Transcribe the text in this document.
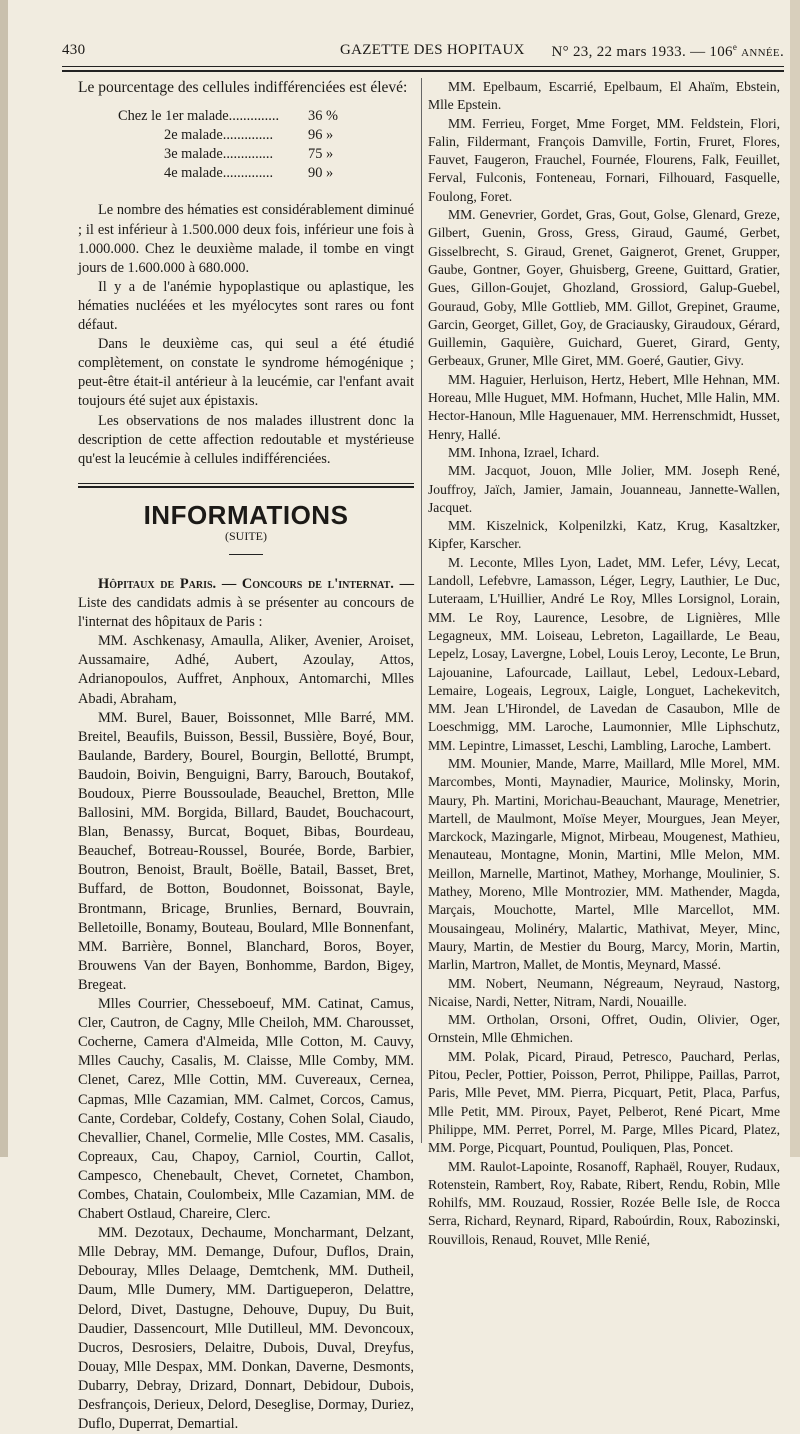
430	GAZETTE DES HOPITAUX N° 23, 22 mars 1933. — 106e année.

Le pourcentage des cellules indifférenciées est élevé:

Chez le 1er malade..............	36 %
2e malade..............	96 »
3e malade..............	75 »
4e malade..............	90 »

Le nombre des hématies est considérablement diminué ; il est inférieur à 1.500.000 deux fois, inférieur une fois à 1.000.000. Chez le deuxième malade, il tombe en vingt jours de 1.600.000 à 680.000.

Il y a de l'anémie hypoplastique ou aplastique, les hématies nucléées et les myélocytes sont rares ou font défaut.

Dans le deuxième cas, qui seul a été étudié complètement, on constate le syndrome hémogénique ; peut-être était-il antérieur à la leucémie, car l'enfant avait toujours été sujet aux épistaxis.

Les observations de nos malades illustrent donc la description de cette affection redoutable et mystérieuse qu'est la leucémie à cellules indifférenciées.

INFORMATIONS
(SUITE)

Hôpitaux de Paris. — Concours de l'internat. — Liste des candidats admis à se présenter au concours de l'internat des hôpitaux de Paris :

MM. Aschkenasy, Amaulla, Aliker, Avenier, Aroiset, Aussamaire, Adhé, Aubert, Azoulay, Attos, Adrianopoulos, Auffret, Anphoux, Antomarchi, Mlles Abadi, Abraham,

MM. Burel, Bauer, Boissonnet, Mlle Barré, MM. Breitel, Beaufils, Buisson, Bessil, Bussière, Boyé, Bour, Baulande, Bardery, Bourel, Bourgin, Bellotté, Brumpt, Baudoin, Boivin, Benguigni, Barry, Barouch, Boutakof, Boudoux, Pierre Boussoulade, Beauchel, Bretton, Mlle Ballosini, MM. Borgida, Billard, Baudet, Bouchacourt, Blan, Benassy, Burcat, Boquet, Bibas, Bourdeau, Beauchef, Botreau-Roussel, Bourée, Borde, Barbier, Boutron, Benoist, Brault, Boëlle, Batail, Basset, Bret, Buffard, de Botton, Boudonnet, Boissonat, Bayle, Brontmann, Bricage, Brunlies, Bernard, Bouvrain, Belletoille, Bonamy, Bouteau, Boulard, Mlle Bonnenfant, MM. Barrière, Bonnel, Blanchard, Boros, Boyer, Brouwens Van der Bayen, Bonhomme, Bardon, Bigey, Bregeat.

Mlles Courrier, Chesseboeuf, MM. Catinat, Camus, Cler, Cautron, de Cagny, Mlle Cheiloh, MM. Charousset, Cocherne, Camera d'Almeida, Mlle Cotton, M. Cauvy, Mlles Cauchy, Casalis, M. Claisse, Mlle Comby, MM. Clenet, Carez, Mlle Cottin, MM. Cuvereaux, Cernea, Capmas, Mlle Cazamian, MM. Calmet, Corcos, Camus, Cante, Cordebar, Coldefy, Costany, Cohen Solal, Ciaudo, Chevallier, Chanel, Cormelie, Mlle Costes, MM. Casalis, Copreaux, Cau, Chapoy, Carniol, Courtin, Callot, Campesco, Chenebault, Chevet, Cornetet, Chambon, Combes, Chatain, Coulombeix, Mlle Cazamian, MM. de Chabert Ostlaud, Chareire, Clerc.

MM. Dezotaux, Dechaume, Moncharmant, Delzant, Mlle Debray, MM. Demange, Dufour, Duflos, Drain, Debouray, Mlles Delaage, Demtchenk, MM. Dutheil, Daum, Mlle Dumery, MM. Dartigueperon, Delattre, Delord, Divet, Dastugne, Dehouve, Dupuy, Du Buit, Daudier, Dassencourt, Mlle Dutilleul, MM. Devoncoux, Ducros, Desrosiers, Delaitre, Dubois, Duval, Dreyfus, Douay, Mlle Despax, MM. Donkan, Daverne, Desmonts, Dubarry, Debray, Drizard, Donnart, Debidour, Dubois, Desfrançois, Derieux, Delord, Deseglise, Dormay, Duriez, Duflo, Duperrat, Demartial.

MM. Epelbaum, Escarrié, Epelbaum, El Ahaïm, Ebstein, Mlle Epstein.

MM. Ferrieu, Forget, Mme Forget, MM. Feldstein, Flori, Falin, Fildermant, François Damville, Fortin, Fruret, Flores, Fauvet, Faugeron, Frauchel, Fournée, Flourens, Falk, Feuillet, Ferval, Fulconis, Fonteneau, Fornari, Filhouard, Fasquelle, Foulong, Foret.

MM. Genevrier, Gordet, Gras, Gout, Golse, Glenard, Greze, Gilbert, Guenin, Gross, Gress, Giraud, Gaumé, Gerbet, Gisselbrecht, S. Giraud, Grenet, Gaignerot, Grenet, Grupper, Gaube, Gontner, Goyer, Ghuisberg, Greene, Guittard, Gratier, Gues, Gillon-Goujet, Ghozland, Grossiord, Galup-Guebel, Gouraud, Goby, Mlle Gottlieb, MM. Gillot, Grepinet, Graume, Garcin, Georget, Gillet, Goy, de Graciausky, Giraudoux, Gérard, Guillemin, Gaquière, Guichard, Gueret, Girard, Genty, Gerbeaux, Gruner, Mlle Giret, MM. Goeré, Gautier, Givy.

MM. Haguier, Herluison, Hertz, Hebert, Mlle Hehnan, MM. Horeau, Mlle Huguet, MM. Hofmann, Huchet, Mlle Halin, MM. Hector-Hanoun, Mlle Haguenauer, MM. Herrenschmidt, Husset, Henry, Hallé.

MM. Inhona, Izrael, Ichard.

MM. Jacquot, Jouon, Mlle Jolier, MM. Joseph René, Jouffroy, Jaïch, Jamier, Jamain, Jouanneau, Jannette-Wallen, Jacquet.

MM. Kiszelnick, Kolpenilzki, Katz, Krug, Kasaltzker, Kipfer, Karscher.

M. Leconte, Mlles Lyon, Ladet, MM. Lefer, Lévy, Lecat, Landoll, Lefebvre, Lamasson, Léger, Legry, Lauthier, Le Duc, Luteraam, L'Huillier, André Le Roy, Mlles Lorsignol, Lorain, MM. Le Roy, Laurence, Lesobre, de Lignières, Mlle Legagneux, MM. Loiseau, Lebreton, Lagaillarde, Le Beau, Lepelz, Losay, Lavergne, Lobel, Louis Leroy, Leconte, Le Brun, Lajouanine, Lafourcade, Laillaut, Lebel, Ledoux-Lebard, Lemaire, Logeais, Legroux, Laigle, Longuet, Lachekevitch, MM. Jean L'Hirondel, de Lavedan de Casaubon, Mlle de Loeschmigg, MM. Laroche, Laumonnier, Mlle Liphschutz, MM. Lepintre, Limasset, Leschi, Lambling, Laroche, Lambert.

MM. Mounier, Mande, Marre, Maillard, Mlle Morel, MM. Marcombes, Monti, Maynadier, Maurice, Molinsky, Morin, Maury, Ph. Martini, Morichau-Beauchant, Maurage, Menetrier, Martell, de Maulmont, Moïse Meyer, Mourgues, Jean Meyer, Marckock, Mazingarle, Mignot, Mirbeau, Mougenest, Mathieu, Menauteau, Montagne, Monin, Martini, Mlle Melon, MM. Meillon, Marnelle, Martinot, Mathey, Morhange, Moulinier, S. Mathey, Moreno, Mlle Montrozier, MM. Mathender, Magda, Marçais, Mouchotte, Martel, Mlle Marcellot, MM. Mousaingeau, Molinéry, Malartic, Mathivat, Meyer, Minc, Maury, Martin, de Mestier du Bourg, Marcy, Morin, Martin, Marlin, Martron, Mallet, de Montis, Meynard, Massé.

MM. Nobert, Neumann, Négreaum, Neyraud, Nastorg, Nicaise, Nardi, Netter, Nitram, Nardi, Nouaille.

MM. Ortholan, Orsoni, Offret, Oudin, Olivier, Oger, Ornstein, Mlle Œhmichen.

MM. Polak, Picard, Piraud, Petresco, Pauchard, Perlas, Pitou, Pecler, Pottier, Poisson, Perrot, Philippe, Paillas, Parrot, Paris, Mlle Pevet, MM. Pierra, Picquart, Petit, Placa, Parfus, Mlle Petit, MM. Piroux, Payet, Pelberot, René Picart, Mme Philippe, MM. Perret, Porrel, M. Parge, Mlles Picard, Platez, MM. Porge, Picquart, Pountud, Pouliquen, Plas, Poncet.

MM. Raulot-Lapointe, Rosanoff, Raphaël, Rouyer, Rudaux, Rotenstein, Rambert, Roy, Rabate, Ribert, Rendu, Robin, Mlle Rohilfs, MM. Rouzaud, Rossier, Rozée Belle Isle, de Rocca Serra, Richard, Reynard, Ripard, Raboúrdin, Roux, Rabozinski, Rouvillois, Renaud, Rouvet, Mlle Renié,
